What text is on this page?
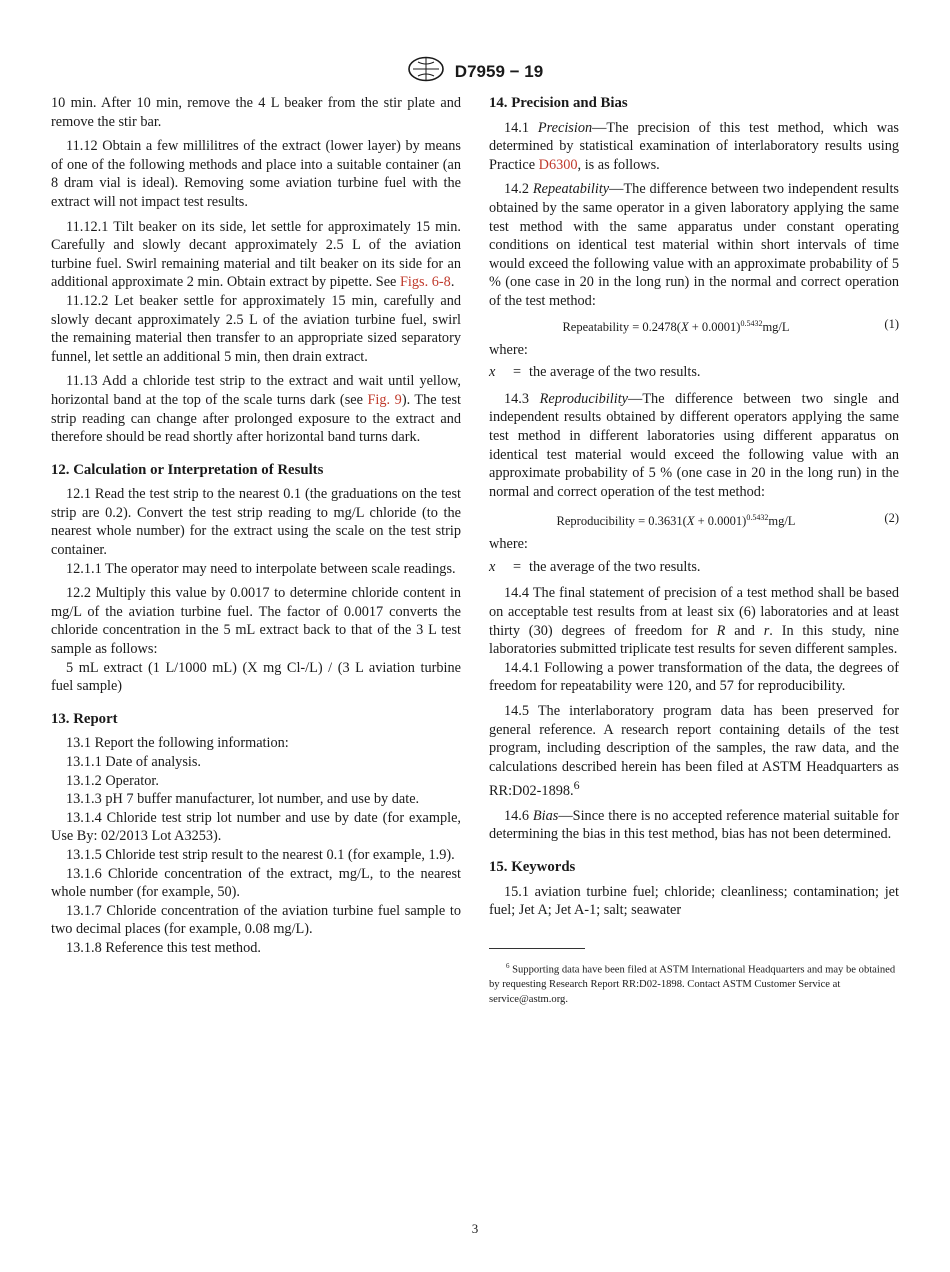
D7959 − 19

10 min. After 10 min, remove the 4 L beaker from the stir plate and remove the stir bar.

11.12 Obtain a few millilitres of the extract (lower layer) by means of one of the following methods and place into a suitable container (an 8 dram vial is ideal). Removing some aviation turbine fuel with the extract will not impact test results.

11.12.1 Tilt beaker on its side, let settle for approximately 15 min. Carefully and slowly decant approximately 2.5 L of the aviation turbine fuel. Swirl remaining material and tilt beaker on its side for an additional approximate 2 min. Obtain extract by pipette. See Figs. 6-8.

11.12.2 Let beaker settle for approximately 15 min, carefully and slowly decant approximately 2.5 L of the aviation turbine fuel, swirl the remaining material then transfer to an appropriate sized separatory funnel, let settle an additional 5 min, then drain extract.

11.13 Add a chloride test strip to the extract and wait until yellow, horizontal band at the top of the scale turns dark (see Fig. 9). The test strip reading can change after prolonged exposure to the extract and therefore should be read shortly after horizontal band turns dark.

12. Calculation or Interpretation of Results

12.1 Read the test strip to the nearest 0.1 (the graduations on the test strip are 0.2). Convert the test strip reading to mg/L chloride (to the nearest whole number) for the extract using the scale on the test strip container.

12.1.1 The operator may need to interpolate between scale readings.

12.2 Multiply this value by 0.0017 to determine chloride content in mg/L of the aviation turbine fuel. The factor of 0.0017 converts the chloride concentration in the 5 mL extract back to that of the 3 L test sample as follows:

5 mL extract (1 L/1000 mL) (X mg Cl-/L) / (3 L aviation turbine fuel sample)

13. Report

13.1 Report the following information:

13.1.1 Date of analysis.

13.1.2 Operator.

13.1.3 pH 7 buffer manufacturer, lot number, and use by date.

13.1.4 Chloride test strip lot number and use by date (for example, Use By: 02/2013 Lot A3253).

13.1.5 Chloride test strip result to the nearest 0.1 (for example, 1.9).

13.1.6 Chloride concentration of the extract, mg/L, to the nearest whole number (for example, 50).

13.1.7 Chloride concentration of the aviation turbine fuel sample to two decimal places (for example, 0.08 mg/L).

13.1.8 Reference this test method.

14. Precision and Bias

14.1 Precision—The precision of this test method, which was determined by statistical examination of interlaboratory results using Practice D6300, is as follows.

14.2 Repeatability—The difference between two independent results obtained by the same operator in a given laboratory applying the same test method with the same apparatus under constant operating conditions on identical test material within short intervals of time would exceed the following value with an approximate probability of 5 % (one case in 20 in the long run) in the normal and correct operation of the test method:

Repeatability = $0.2478(X + 0.0001)^{0.5432}mg/L$	(1)

where:

x = the average of the two results.

14.3 Reproducibility—The difference between two single and independent results obtained by different operators applying the same test method in different laboratories using different apparatus on identical test material would exceed the following value with an approximate probability of 5 % (one case in 20 in the long run) in the normal and correct operation of the test method:

Reproducibility = $0.3631(X + 0.0001)^{0.5432}mg/L$	(2)

where:

x = the average of the two results.

14.4 The final statement of precision of a test method shall be based on acceptable test results from at least six (6) laboratories and at least thirty (30) degrees of freedom for R and r. In this study, nine laboratories submitted triplicate test results for seven different samples.

14.4.1 Following a power transformation of the data, the degrees of freedom for repeatability were 120, and 57 for reproducibility.

14.5 The interlaboratory program data has been preserved for general reference. A research report containing details of the test program, including description of the samples, the raw data, and the calculations described herein has been filed at ASTM Headquarters as RR:D02-1898.$^6$

14.6 Bias—Since there is no accepted reference material suitable for determining the bias in this test method, bias has not been determined.

15. Keywords

15.1 aviation turbine fuel; chloride; cleanliness; contamination; jet fuel; Jet A; Jet A-1; salt; seawater

$^6$ Supporting data have been filed at ASTM International Headquarters and may be obtained by requesting Research Report RR:D02-1898. Contact ASTM Customer Service at service@astm.org.

3
